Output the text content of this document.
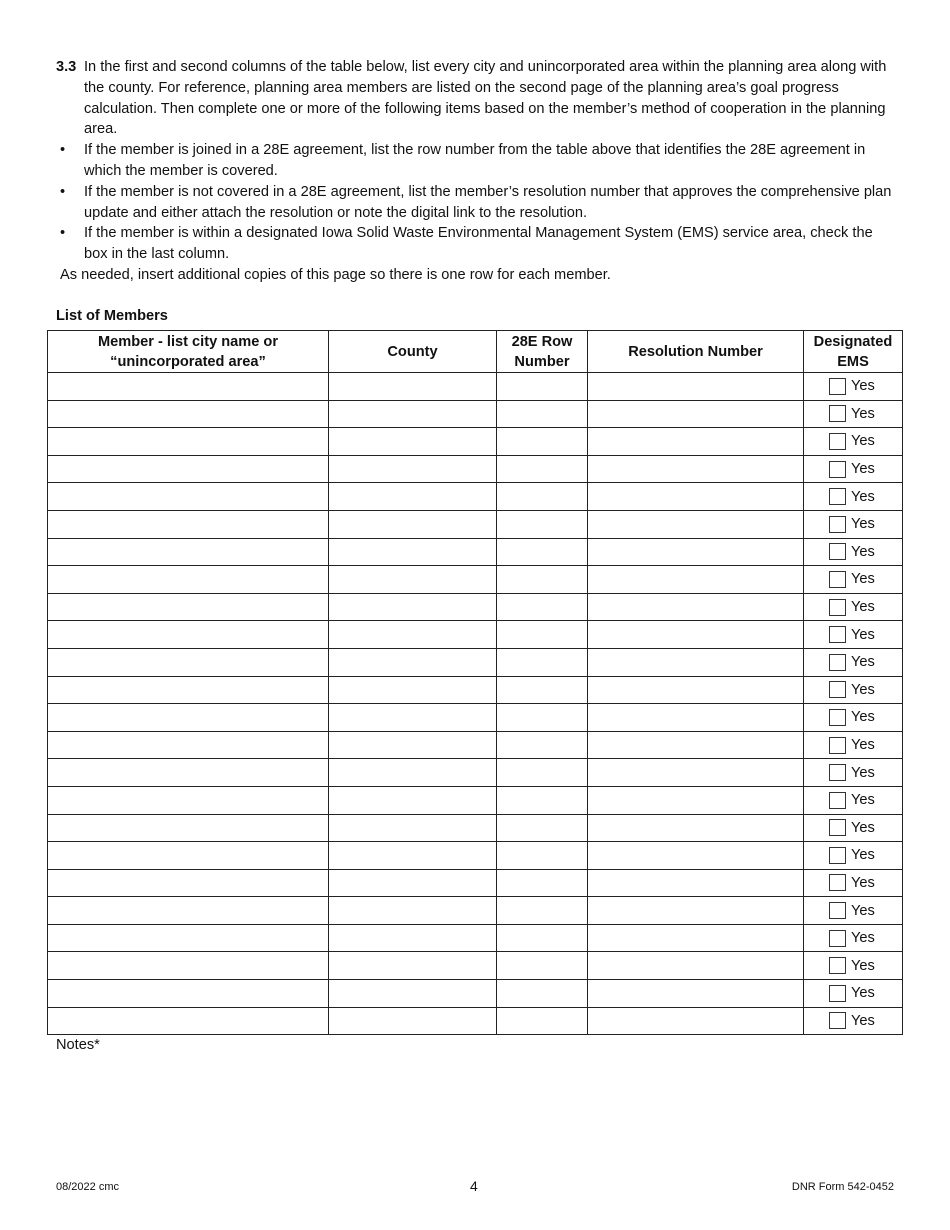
3.3 In the first and second columns of the table below, list every city and unincorporated area within the planning area along with the county. For reference, planning area members are listed on the second page of the planning area’s goal progress calculation. Then complete one or more of the following items based on the member’s method of cooperation in the planning area.
• If the member is joined in a 28E agreement, list the row number from the table above that identifies the 28E agreement in which the member is covered.
• If the member is not covered in a 28E agreement, list the member’s resolution number that approves the comprehensive plan update and either attach the resolution or note the digital link to the resolution.
• If the member is within a designated Iowa Solid Waste Environmental Management System (EMS) service area, check the box in the last column.
As needed, insert additional copies of this page so there is one row for each member.
List of Members
Member - list city name or “unincorporated area”	County	28E Row Number	Resolution Number	Designated EMS

				Yes

				Yes

				Yes

				Yes

				Yes

				Yes

				Yes

				Yes

				Yes

				Yes

				Yes

				Yes

				Yes

				Yes

				Yes

				Yes

				Yes

				Yes

				Yes

				Yes

				Yes

				Yes

				Yes

				Yes
Notes*
08/2022 cmc	4	DNR Form 542-0452
